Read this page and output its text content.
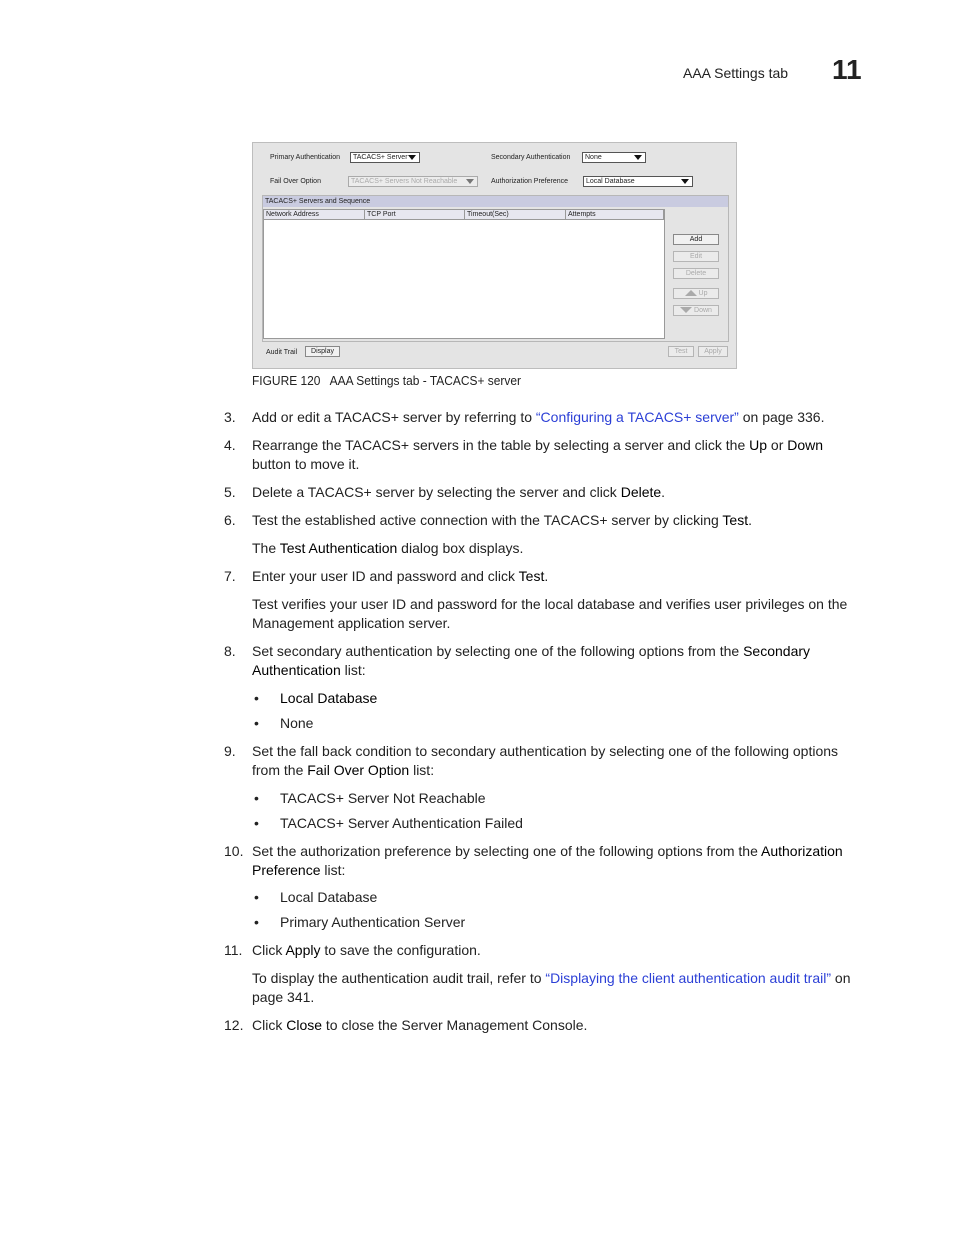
AAA Settings tab 11
Primary Authentication	TACACS+ Server	Secondary Authentication	None
Fail Over Option	TACACS+ Servers Not Reachable	Authorization Preference	Local Database
TACACS+ Servers and Sequence
Network Address	TCP Port	Timeout(Sec)	Attempts
Add
Edit
Delete
Up
Down
Audit Trail	Display	Test	Apply
FIGURE 120 AAA Settings tab - TACACS+ server
3.	Add or edit a TACACS+ server by referring to “Configuring a TACACS+ server” on page 336.
4.	Rearrange the TACACS+ servers in the table by selecting a server and click the Up or Down button to move it.
5.	Delete a TACACS+ server by selecting the server and click Delete.
6.	Test the established active connection with the TACACS+ server by clicking Test.
The Test Authentication dialog box displays.
7.	Enter your user ID and password and click Test.
Test verifies your user ID and password for the local database and verifies user privileges on the Management application server.
8.	Set secondary authentication by selecting one of the following options from the Secondary Authentication list:
• Local Database
• None
9.	Set the fall back condition to secondary authentication by selecting one of the following options from the Fail Over Option list:
• TACACS+ Server Not Reachable
• TACACS+ Server Authentication Failed
10. Set the authorization preference by selecting one of the following options from the Authorization Preference list:
• Local Database
• Primary Authentication Server
11. Click Apply to save the configuration.
To display the authentication audit trail, refer to “Displaying the client authentication audit trail” on page 341.
12. Click Close to close the Server Management Console.
